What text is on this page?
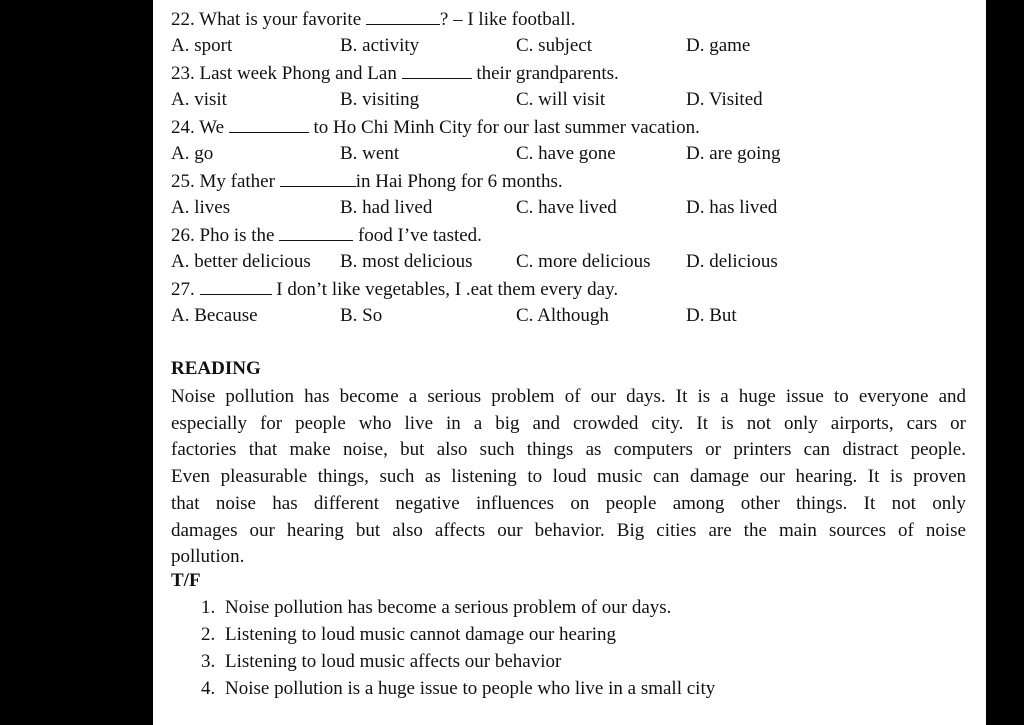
22. What is your favorite	? – I like football.
A. sport	B. activity	C. subject	D. game
23. Last week Phong and Lan	their grandparents.
A. visit	B. visiting	C. will visit	D. Visited
24. We	to Ho Chi Minh City for our last summer vacation.
A. go	B. went	C. have gone	D. are going
25. My father	in Hai Phong for 6 months.
A. lives	B. had lived	C. have lived	D. has lived
26. Pho is the	food I’ve tasted.
A. better delicious B. most delicious C. more delicious D. delicious
27.	I don’t like vegetables, I .eat them every day.
A. Because	B. So	C. Although	D. But
READING
Noise pollution has become a serious problem of our days. It is a huge issue to everyone and
especially for people who live in a big and crowded city. It is not only airports, cars or
factories that make noise, but also such things as computers or printers can distract people.
Even pleasurable things, such as listening to loud music can damage our hearing. It is proven
that noise has different negative influences on people among other things. It not only
damages our hearing but also affects our behavior. Big cities are the main sources of noise
pollution.
T/F
1. Noise pollution has become a serious problem of our days.
2. Listening to loud music cannot damage our hearing
3. Listening to loud music affects our behavior
4. Noise pollution is a huge issue to people who live in a small city
